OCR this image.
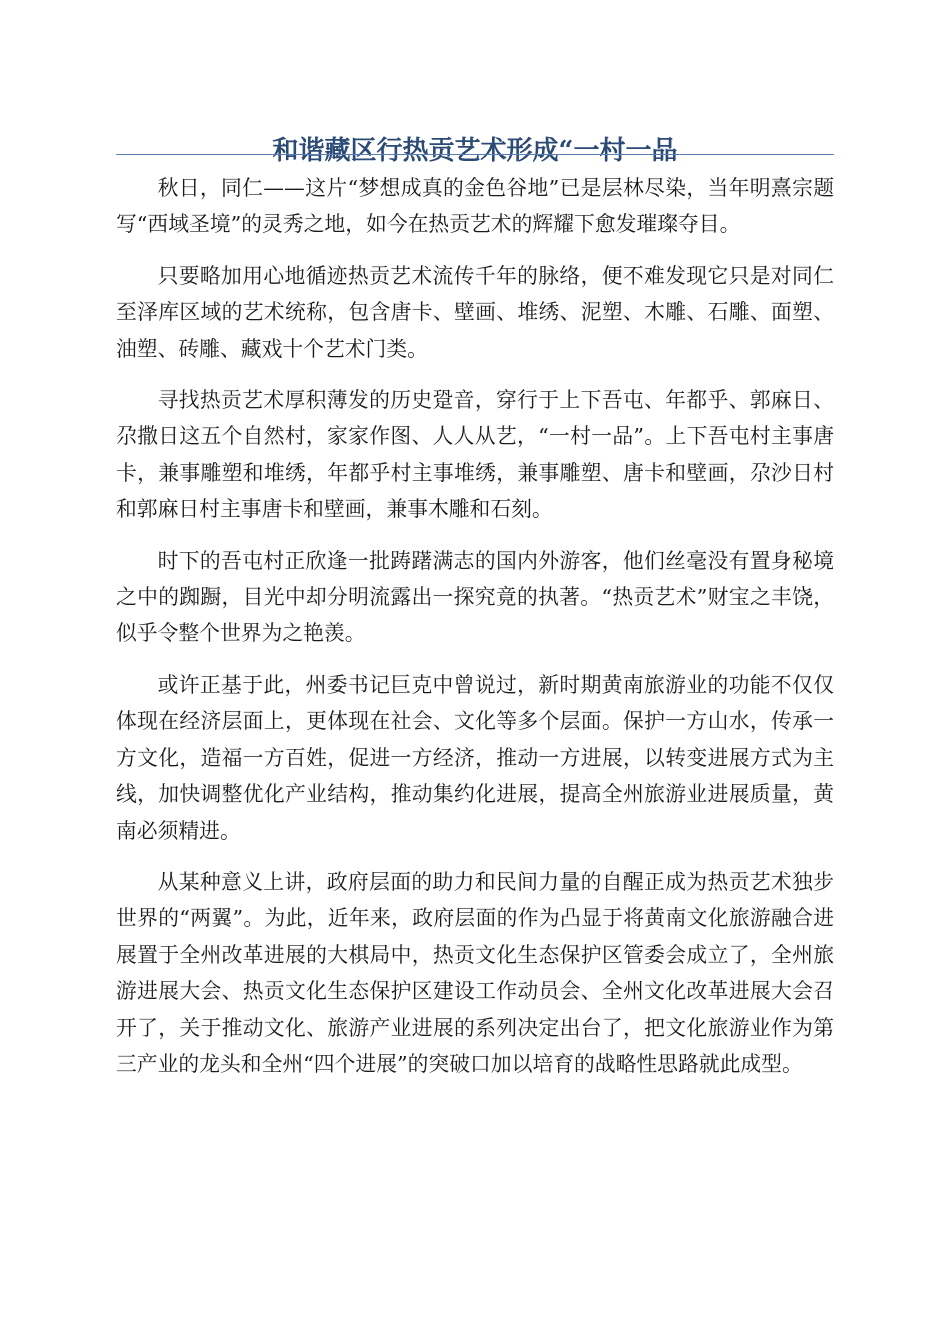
和谐藏区行热贡艺术形成“一村一品

秋日，同仁——这片“梦想成真的金色谷地”已是层林尽染，当年明熹宗题写“西域圣境”的灵秀之地，如今在热贡艺术的辉耀下愈发璀璨夺目。

只要略加用心地循迹热贡艺术流传千年的脉络，便不难发现它只是对同仁至泽库区域的艺术统称，包含唐卡、壁画、堆绣、泥塑、木雕、石雕、面塑、油塑、砖雕、藏戏十个艺术门类。

寻找热贡艺术厚积薄发的历史跫音，穿行于上下吾屯、年都乎、郭麻日、尕撒日这五个自然村，家家作图、人人从艺，“一村一品”。上下吾屯村主事唐卡，兼事雕塑和堆绣，年都乎村主事堆绣，兼事雕塑、唐卡和壁画，尕沙日村和郭麻日村主事唐卡和壁画，兼事木雕和石刻。

时下的吾屯村正欣逢一批踌躇满志的国内外游客，他们丝毫没有置身秘境之中的踟蹰，目光中却分明流露出一探究竟的执著。“热贡艺术”财宝之丰饶，似乎令整个世界为之艳羡。

或许正基于此，州委书记巨克中曾说过，新时期黄南旅游业的功能不仅仅体现在经济层面上，更体现在社会、文化等多个层面。保护一方山水，传承一方文化，造福一方百姓，促进一方经济，推动一方进展，以转变进展方式为主线，加快调整优化产业结构，推动集约化进展，提高全州旅游业进展质量，黄南必须精进。

从某种意义上讲，政府层面的助力和民间力量的自醒正成为热贡艺术独步世界的“两翼”。为此，近年来，政府层面的作为凸显于将黄南文化旅游融合进展置于全州改革进展的大棋局中，热贡文化生态保护区管委会成立了，全州旅游进展大会、热贡文化生态保护区建设工作动员会、全州文化改革进展大会召开了，关于推动文化、旅游产业进展的系列决定出台了，把文化旅游业作为第三产业的龙头和全州“四个进展”的突破口加以培育的战略性思路就此成型。
